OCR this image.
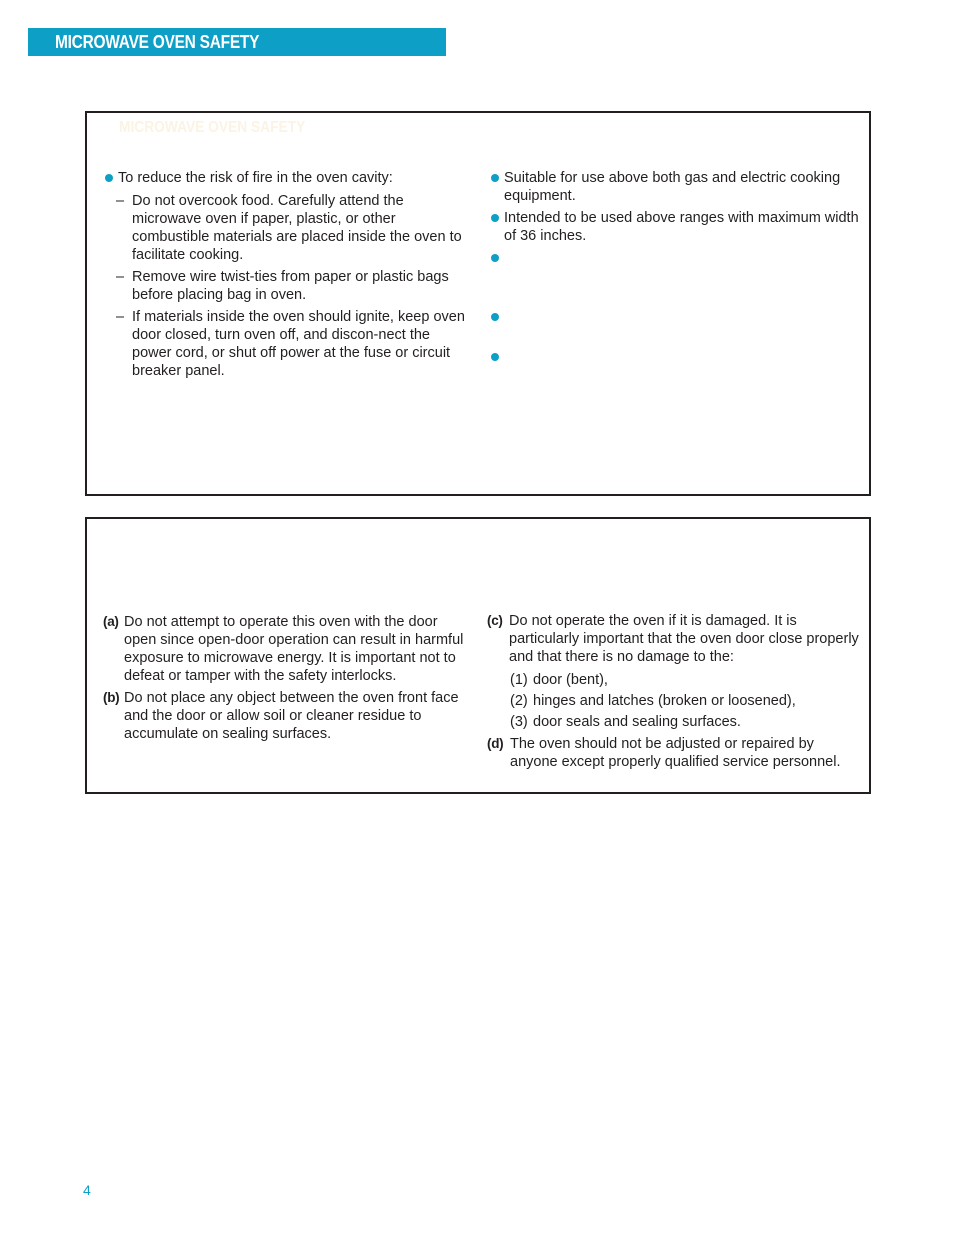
MICROWAVE OVEN SAFETY
MICROWAVE OVEN SAFETY
To reduce the risk of fire in the oven cavity:
– Do not overcook food. Carefully attend the microwave oven if paper, plastic, or other combustible materials are placed inside the oven to facilitate cooking.
– Remove wire twist-ties from paper or plastic bags before placing bag in oven.
– If materials inside the oven should ignite, keep oven door closed, turn oven off, and discon-nect the power cord, or shut off power at the fuse or circuit breaker panel.
Suitable for use above both gas and electric cooking equipment.
Intended to be used above ranges with maximum width of 36 inches.
(a) Do not attempt to operate this oven with the door open since open-door operation can result in harmful exposure to microwave energy. It is important not to defeat or tamper with the safety interlocks.
(b) Do not place any object between the oven front face and the door or allow soil or cleaner residue to accumulate on sealing surfaces.
(c) Do not operate the oven if it is damaged. It is particularly important that the oven door close properly and that there is no damage to the:
(1) door (bent),
(2) hinges and latches (broken or loosened),
(3) door seals and sealing surfaces.
(d) The oven should not be adjusted or repaired by anyone except properly qualified service personnel.
4
